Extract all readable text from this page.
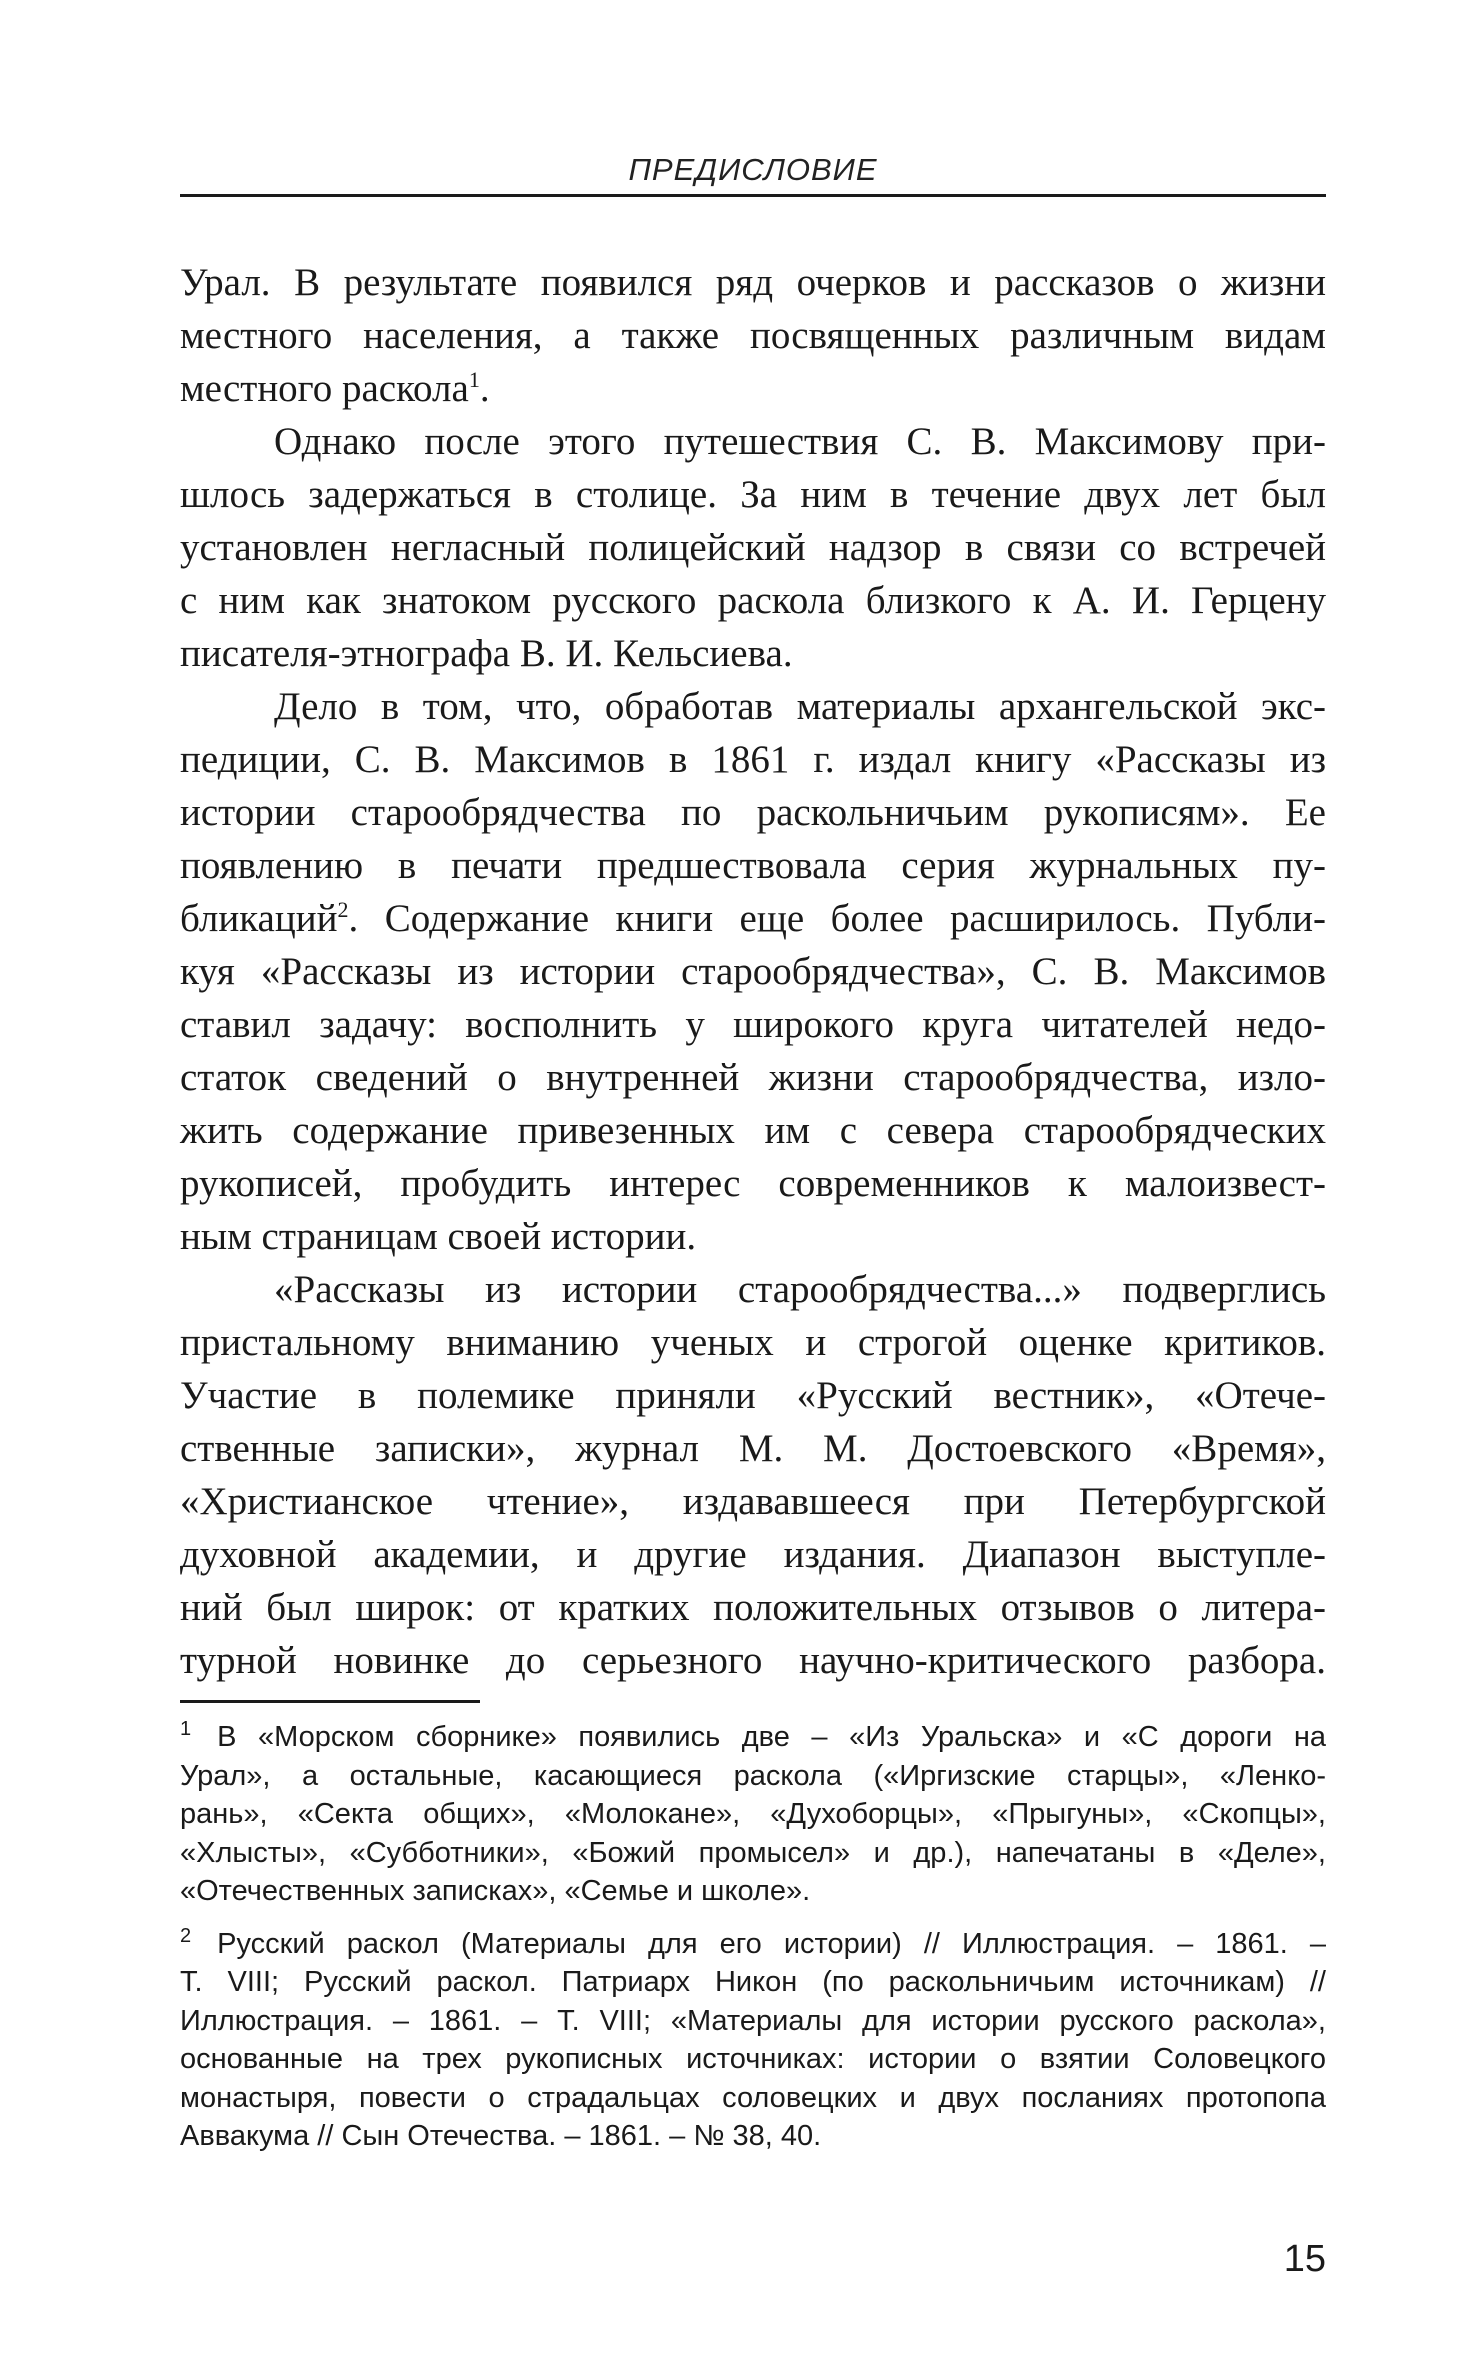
ПРЕДИСЛОВИЕ

Урал. В результате появился ряд очерков и рассказов о жизни
местного населения, а также посвященных различным видам
местного раскола$^1$.

Однако после этого путешествия С. В. Максимову при-
шлось задержаться в столице. За ним в течение двух лет был
установлен негласный полицейский надзор в связи со встречей
с ним как знатоком русского раскола близкого к А. И. Герцену
писателя-этнографа В. И. Кельсиева.

Дело в том, что, обработав материалы архангельской экс-
педиции, С. В. Максимов в 1861 г. издал книгу «Рассказы из
истории старообрядчества по раскольничьим рукописям». Ее
появлению в печати предшествовала серия журнальных пу-
бликаций$^2$. Содержание книги еще более расширилось. Публи-
куя «Рассказы из истории старообрядчества», С. В. Максимов
ставил задачу: восполнить у широкого круга читателей недо-
статок сведений о внутренней жизни старообрядчества, изло-
жить содержание привезенных им с севера старообрядческих
рукописей, пробудить интерес современников к малоизвест-
ным страницам своей истории.

«Рассказы из истории старообрядчества...» подверглись
пристальному вниманию ученых и строгой оценке критиков.
Участие в полемике приняли «Русский вестник», «Отече-
ственные записки», журнал М. М. Достоевского «Время»,
«Христианское чтение», издававшееся при Петербургской
духовной академии, и другие издания. Диапазон выступле-
ний был широк: от кратких положительных отзывов о литера-
турной новинке до серьезного научно-критического разбора.

$^1$ В «Морском сборнике» появились две – «Из Уральска» и «С дороги на
Урал», а остальные, касающиеся раскола («Иргизские старцы», «Ленко-
рань», «Секта общих», «Молокане», «Духоборцы», «Прыгуны», «Скопцы»,
«Хлысты», «Субботники», «Божий промысел» и др.), напечатаны в «Деле»,
«Отечественных записках», «Семье и школе».
$^2$ Русский раскол (Материалы для его истории) // Иллюстрация. – 1861. –
Т. VIII; Русский раскол. Патриарх Никон (по раскольничьим источникам) //
Иллюстрация. – 1861. – Т. VIII; «Материалы для истории русского раскола»,
основанные на трех рукописных источниках: истории о взятии Соловецкого
монастыря, повести о страдальцах соловецких и двух посланиях протопопа
Аввакума // Сын Отечества. – 1861. – № 38, 40.
15
